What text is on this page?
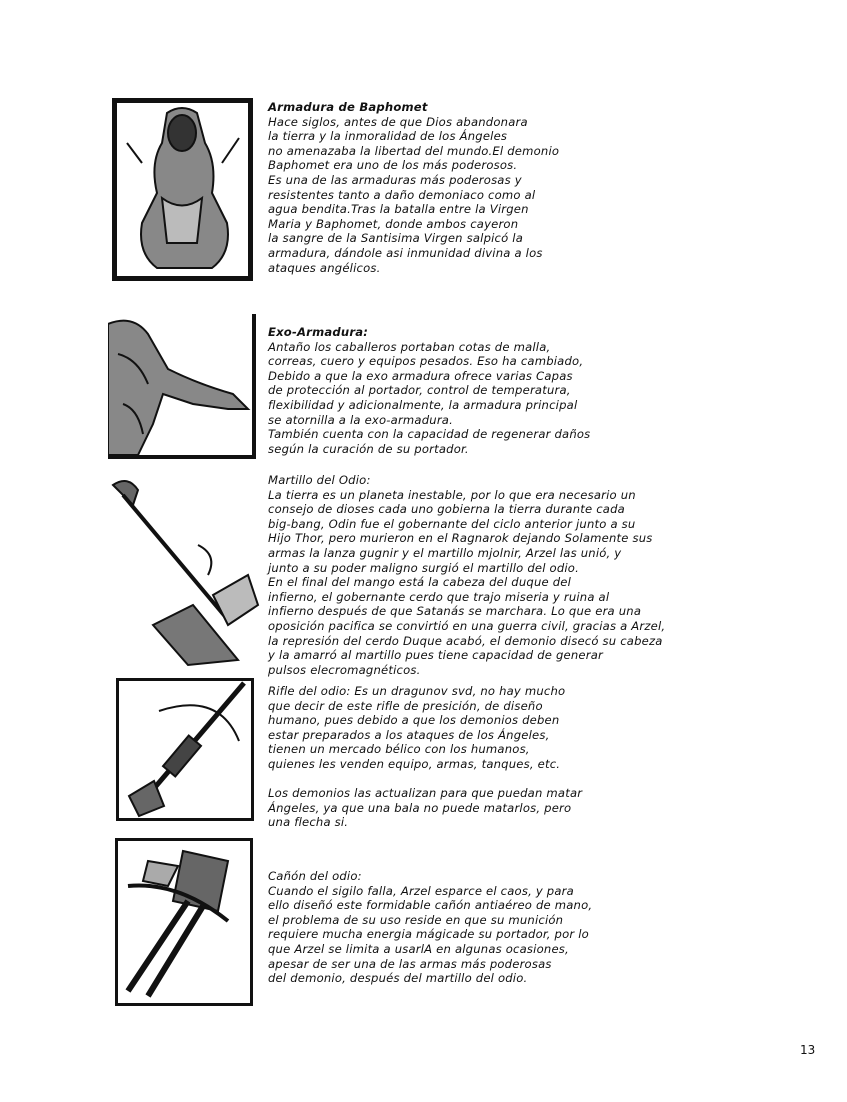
Armadura de Baphomet
Hace siglos, antes de que Dios abandonara
la tierra y la inmoralidad de los Ángeles
no amenazaba la libertad del mundo.El demonio
Baphomet era uno de los más poderosos.
Es una de las armaduras más poderosas y
resistentes tanto a daño demoniaco como al
agua bendita.Tras la batalla entre la Virgen
Maria y Baphomet, donde ambos cayeron
la sangre de la Santisima Virgen salpicó la
armadura, dándole asi inmunidad divina a los
ataques angélicos.
Exo-Armadura:
Antaño los caballeros portaban cotas de malla,
correas, cuero y equipos pesados. Eso ha cambiado,
Debido a que la exo armadura ofrece varias Capas
de protección al portador, control de temperatura,
flexibilidad y adicionalmente, la armadura principal
se atornilla a la exo-armadura.
También cuenta con la capacidad de regenerar daños
según la curación de su portador.
Martillo del Odio:
La tierra es un planeta inestable, por lo que era necesario un
consejo de dioses cada uno gobierna la tierra durante cada
big-bang, Odin fue el gobernante del ciclo anterior junto a su
Hijo Thor, pero murieron en el Ragnarok dejando Solamente sus
armas la lanza gugnir y el martillo mjolnir, Arzel las unió, y
junto a su poder maligno surgió el martillo del odio.
En el final del mango está la cabeza del duque del
infierno, el gobernante cerdo que trajo miseria y ruina al
infierno después de que Satanás se marchara. Lo que era una
oposición pacifica se convirtió en una guerra civil, gracias a Arzel,
la represión del cerdo Duque acabó, el demonio disecó su cabeza
y la amarró al martillo pues tiene capacidad de generar
pulsos elecromagnéticos.
Rifle del odio: Es un dragunov svd, no hay mucho
que decir de este rifle de presición, de diseño
humano, pues debido a que los demonios deben
estar preparados a los ataques de los Ángeles,
tienen un mercado bélico con los humanos,
quienes les venden equipo, armas, tanques, etc.
Los demonios las actualizan para que puedan matar
Ángeles, ya que una bala no puede matarlos, pero
una flecha si.
Cañón del odio:
Cuando el sigilo falla, Arzel esparce el caos, y para
ello diseñó este formidable cañón antiaéreo de mano,
el problema de su uso reside en que su munición
requiere mucha energia mágicade su portador, por lo
que Arzel se limita a usarlA en algunas ocasiones,
apesar de ser una de las armas más poderosas
del demonio, después del martillo del odio.
13
